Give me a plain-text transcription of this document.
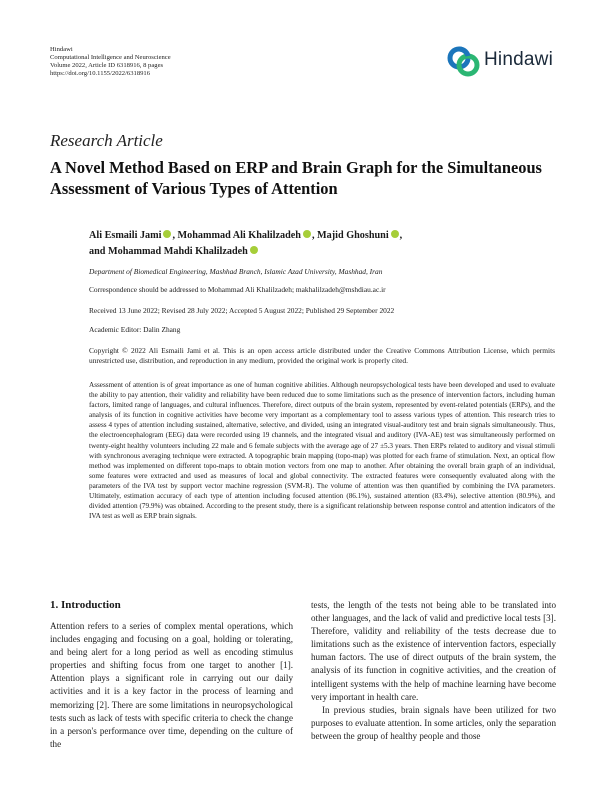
Hindawi
Computational Intelligence and Neuroscience
Volume 2022, Article ID 6318916, 8 pages
https://doi.org/10.1155/2022/6318916
Hindawi
Research Article
A Novel Method Based on ERP and Brain Graph for the Simultaneous Assessment of Various Types of Attention
Ali Esmaili Jami , Mohammad Ali Khalilzadeh , Majid Ghoshuni ,
and Mohammad Mahdi Khalilzadeh
Department of Biomedical Engineering, Mashhad Branch, Islamic Azad University, Mashhad, Iran
Correspondence should be addressed to Mohammad Ali Khalilzadeh; makhalilzadeh@mshdiau.ac.ir
Received 13 June 2022; Revised 28 July 2022; Accepted 5 August 2022; Published 29 September 2022
Academic Editor: Dalin Zhang
Copyright © 2022 Ali Esmaili Jami et al. This is an open access article distributed under the Creative Commons Attribution License, which permits unrestricted use, distribution, and reproduction in any medium, provided the original work is properly cited.
Assessment of attention is of great importance as one of human cognitive abilities. Although neuropsychological tests have been developed and used to evaluate the ability to pay attention, their validity and reliability have been reduced due to some limitations such as the presence of intervention factors, including human factors, limited range of languages, and cultural influences. Therefore, direct outputs of the brain system, represented by event-related potentials (ERPs), and the analysis of its function in cognitive activities have become very important as a complementary tool to assess various types of attention. This research tries to assess 4 types of attention including sustained, alternative, selective, and divided, using an integrated visual-auditory test and brain signals simultaneously. Thus, the electroencephalogram (EEG) data were recorded using 19 channels, and the integrated visual and auditory (IVA-AE) test was simultaneously performed on twenty-eight healthy volunteers including 22 male and 6 female subjects with the average age of 27 ±5.3 years. Then ERPs related to auditory and visual stimuli with synchronous averaging technique were extracted. A topographic brain mapping (topo-map) was plotted for each frame of stimulation. Next, an optical flow method was implemented on different topo-maps to obtain motion vectors from one map to another. After obtaining the overall brain graph of an individual, some features were extracted and used as measures of local and global connectivity. The extracted features were consequently evaluated along with the parameters of the IVA test by support vector machine regression (SVM-R). The volume of attention was then quantified by combining the IVA parameters. Ultimately, estimation accuracy of each type of attention including focused attention (86.1%), sustained attention (83.4%), selective attention (80.9%), and divided attention (79.9%) was obtained. According to the present study, there is a significant relationship between response control and attention indicators of the IVA test as well as ERP brain signals.
1. Introduction

Attention refers to a series of complex mental operations, which includes engaging and focusing on a goal, holding or tolerating, and being alert for a long period as well as encoding stimulus properties and shifting focus from one target to another [1]. Attention plays a significant role in carrying out our daily activities and it is a key factor in the process of learning and memorizing [2]. There are some limitations in neuropsychological tests such as lack of tests with specific criteria to check the change in a person's performance over time, depending on the culture of the

tests, the length of the tests not being able to be translated into other languages, and the lack of valid and predictive local tests [3]. Therefore, validity and reliability of the tests decrease due to limitations such as the existence of intervention factors, especially human factors. The use of direct outputs of the brain system, the analysis of its function in cognitive activities, and the creation of intelligent systems with the help of machine learning have become very important in health care.

In previous studies, brain signals have been utilized for two purposes to evaluate attention. In some articles, only the separation between the group of healthy people and those
